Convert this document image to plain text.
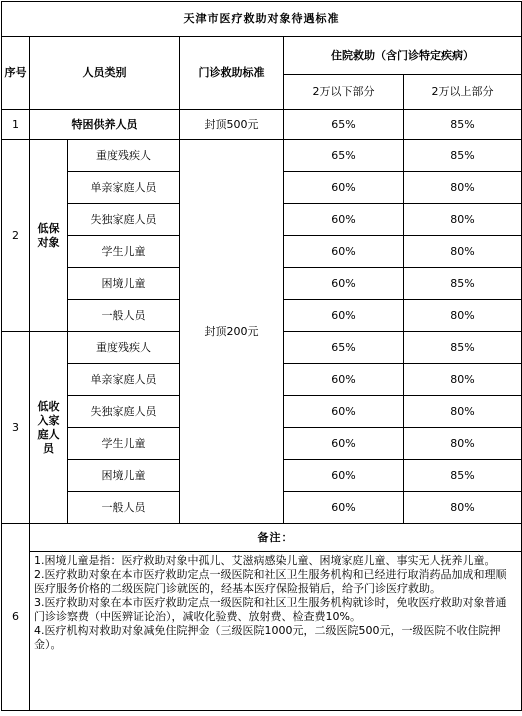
天津市医疗救助对象待遇标准					
序号	人员类别		门诊救助标准	住院救助（含门诊特定疾病）	
				2万以下部分	2万以上部分
1	特困供养人员		封顶500元	65%	85%
2	低保对象	重度残疾人	封顶200元	65%	85%
		单亲家庭人员		60%	80%
		失独家庭人员		60%	80%
		学生儿童		60%	80%
		困境儿童		60%	85%
		一般人员		60%	80%
3	低收入家庭人员	重度残疾人		65%	85%
		单亲家庭人员		60%	80%
		失独家庭人员		60%	80%
		学生儿童		60%	80%
		困境儿童		60%	85%
		一般人员		60%	80%
6	备注：				

	1.困境儿童是指：医疗救助对象中孤儿、艾滋病感染儿童、困境家庭儿童、事实无人抚养儿童。

2.医疗救助对象在本市医疗救助定点一级医院和社区卫生服务机构和已经进行取消药品加成和理顺医疗服务价格的二级医院门诊就医的，经基本医疗保险报销后，给予门诊医疗救助。

3.医疗救助对象在本市医疗救助定点一级医院和社区卫生服务机构就诊时，免收医疗救助对象普通门诊诊察费（中医辨证论治），减收化验费、放射费、检查费10%。

4.医疗机构对救助对象减免住院押金（三级医院1000元，二级医院500元，一级医院不收住院押金）。				
